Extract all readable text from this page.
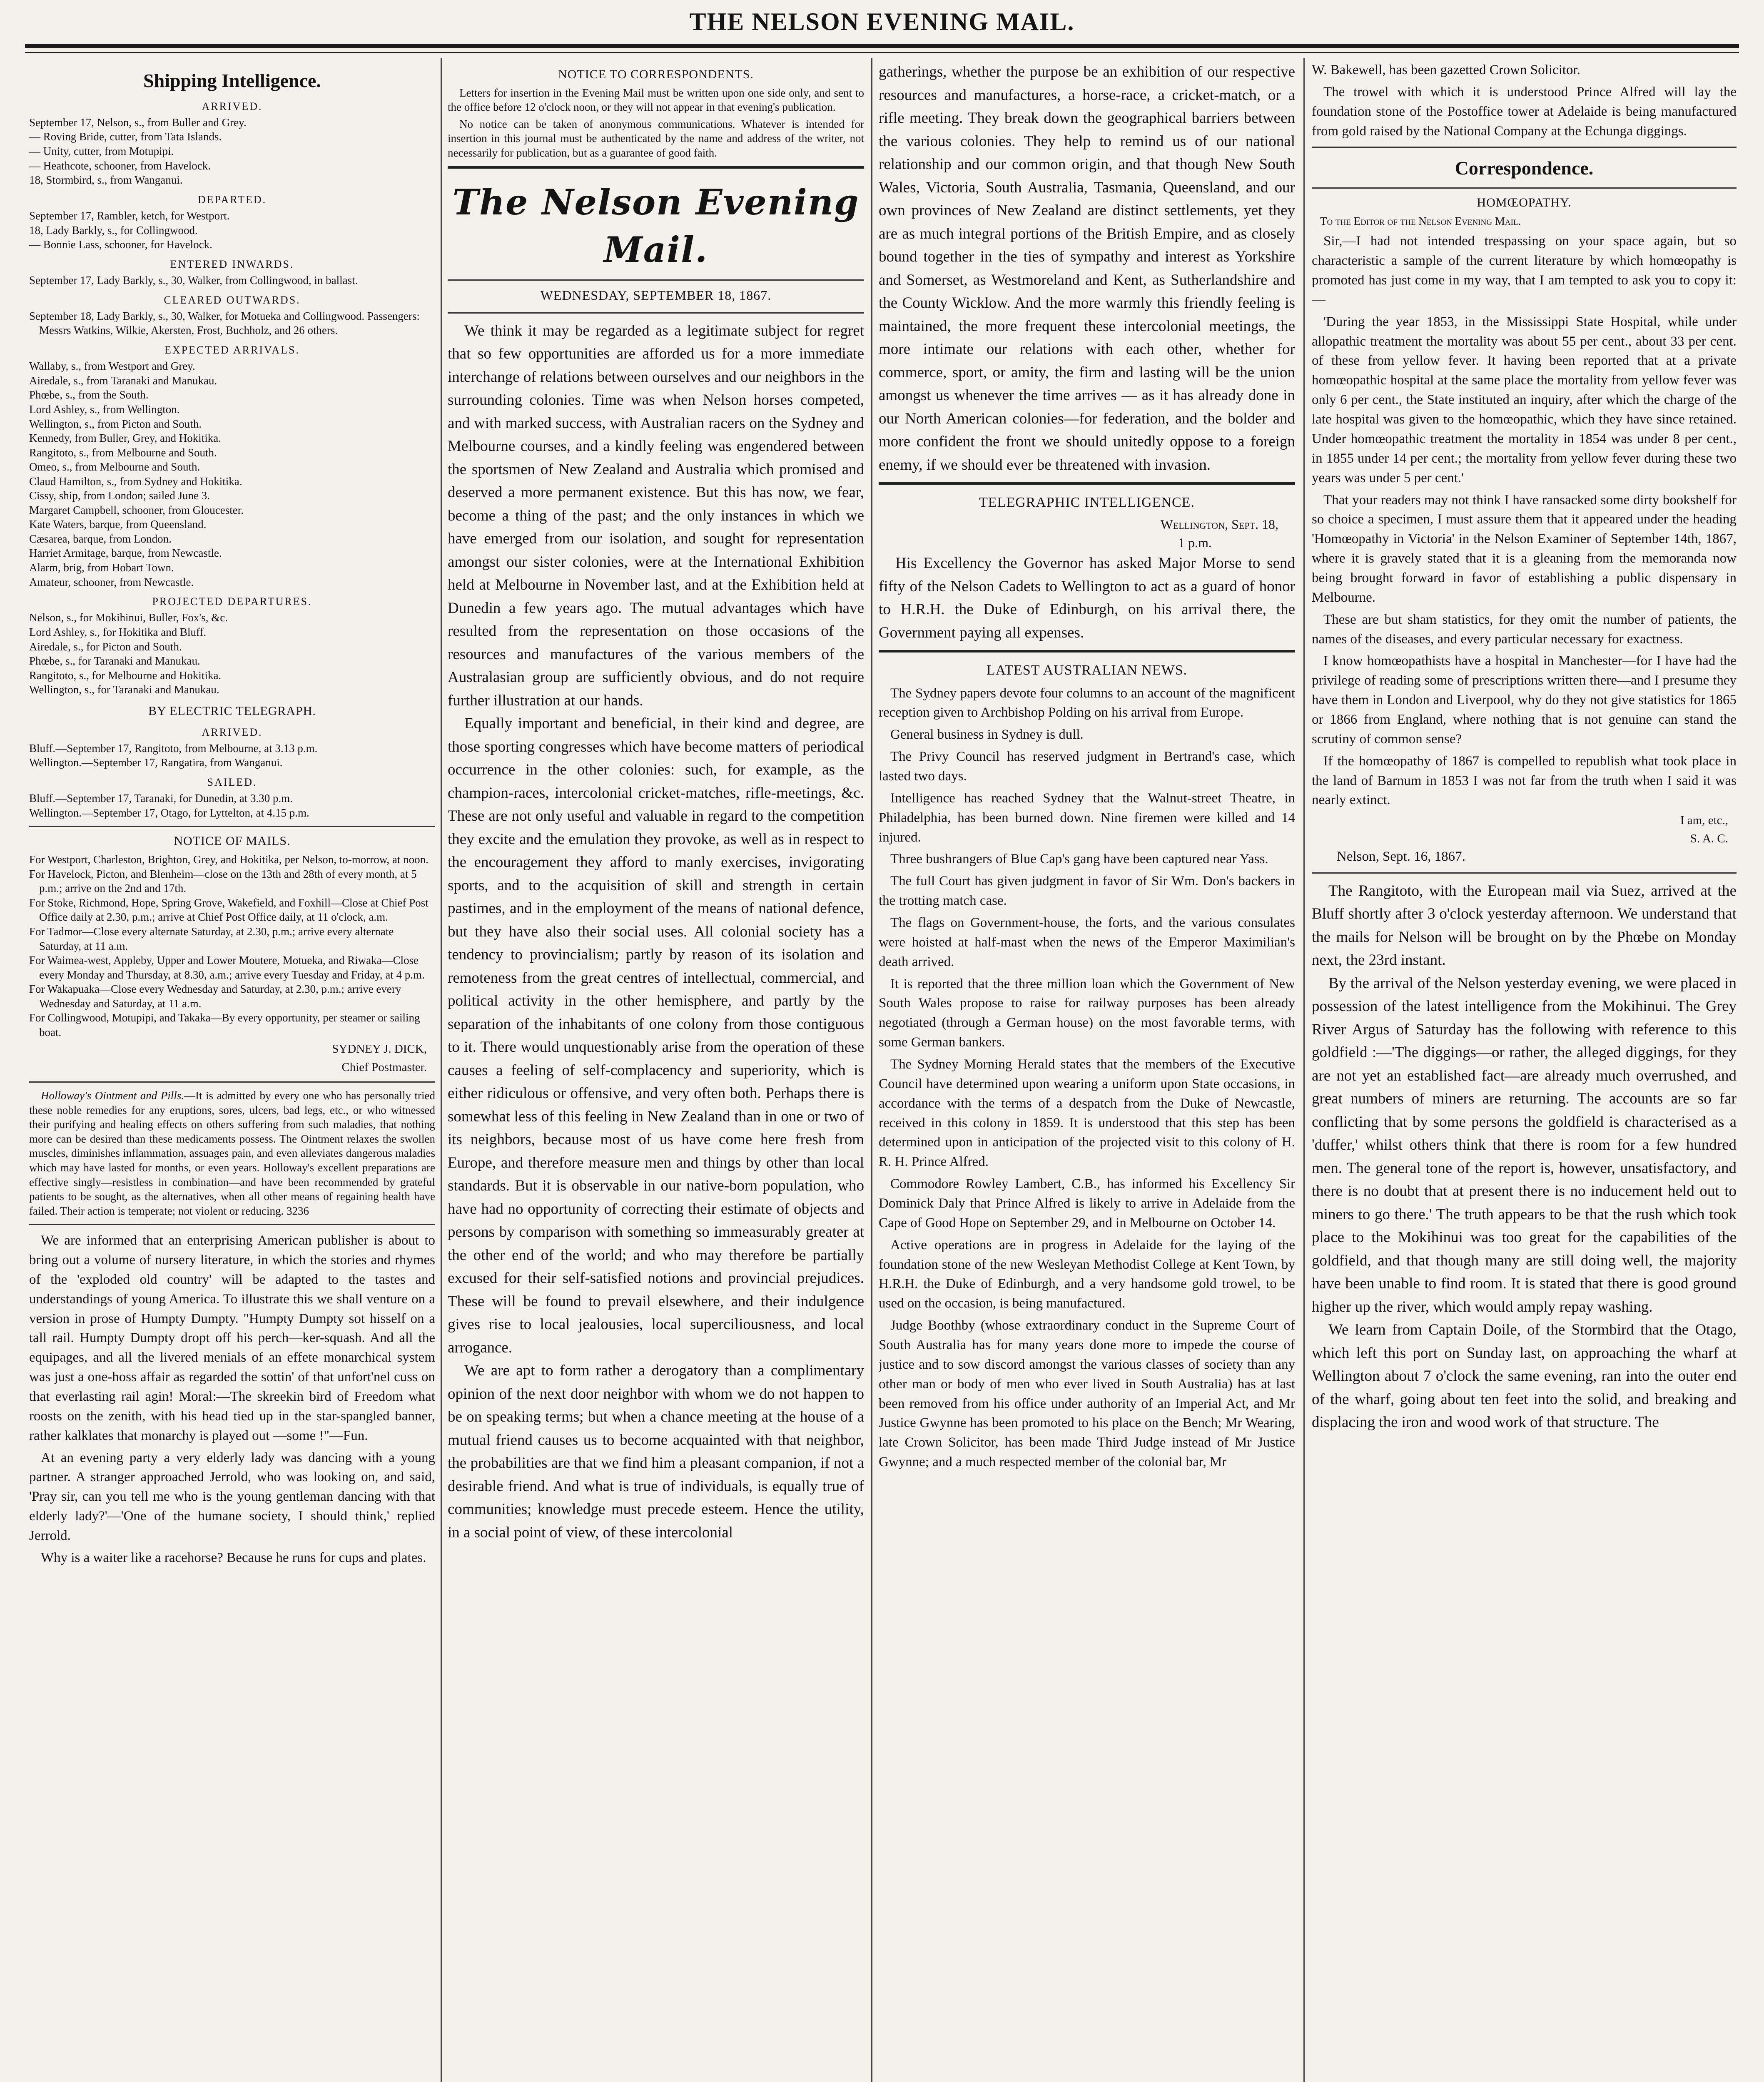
THE NELSON EVENING MAIL.
Shipping Intelligence.
ARRIVED.
September 17, Nelson, s., from Buller and Grey.
— Roving Bride, cutter, from Tata Islands.
— Unity, cutter, from Motupipi.
— Heathcote, schooner, from Havelock.
18, Stormbird, s., from Wanganui.
DEPARTED.
September 17, Rambler, ketch, for Westport.
18, Lady Barkly, s., for Collingwood.
— Bonnie Lass, schooner, for Havelock.
ENTERED INWARDS.
September 17, Lady Barkly, s., 30, Walker, from Collingwood, in ballast.
CLEARED OUTWARDS.
September 18, Lady Barkly, s., 30, Walker, for Motueka and Collingwood. Passengers: Messrs Watkins, Wilkie, Akersten, Frost, Buchholz, and 26 others.
EXPECTED ARRIVALS.
Wallaby, s., from Westport and Grey.
Airedale, s., from Taranaki and Manukau.
Phœbe, s., from the South.
Lord Ashley, s., from Wellington.
Wellington, s., from Picton and South.
Kennedy, from Buller, Grey, and Hokitika.
Rangitoto, s., from Melbourne and South.
Omeo, s., from Melbourne and South.
Claud Hamilton, s., from Sydney and Hokitika.
Cissy, ship, from London; sailed June 3.
Margaret Campbell, schooner, from Gloucester.
Kate Waters, barque, from Queensland.
Cæsarea, barque, from London.
Harriet Armitage, barque, from Newcastle.
Alarm, brig, from Hobart Town.
Amateur, schooner, from Newcastle.
PROJECTED DEPARTURES.
Nelson, s., for Mokihinui, Buller, Fox's, &c.
Lord Ashley, s., for Hokitika and Bluff.
Airedale, s., for Picton and South.
Phœbe, s., for Taranaki and Manukau.
Rangitoto, s., for Melbourne and Hokitika.
Wellington, s., for Taranaki and Manukau.
BY ELECTRIC TELEGRAPH.
ARRIVED.
Bluff.—September 17, Rangitoto, from Melbourne, at 3.13 p.m.
Wellington.—September 17, Rangatira, from Wanganui.
SAILED.
Bluff.—September 17, Taranaki, for Dunedin, at 3.30 p.m.
Wellington.—September 17, Otago, for Lyttelton, at 4.15 p.m.
NOTICE OF MAILS.
For Westport, Charleston, Brighton, Grey, and Hokitika, per Nelson, to-morrow, at noon.
For Havelock, Picton, and Blenheim—close on the 13th and 28th of every month, at 5 p.m.; arrive on the 2nd and 17th.
For Stoke, Richmond, Hope, Spring Grove, Wakefield, and Foxhill—Close at Chief Post Office daily at 2.30, p.m.; arrive at Chief Post Office daily, at 11 o'clock, a.m.
For Tadmor—Close every alternate Saturday, at 2.30, p.m.; arrive every alternate Saturday, at 11 a.m.
For Waimea-west, Appleby, Upper and Lower Moutere, Motueka, and Riwaka—Close every Monday and Thursday, at 8.30, a.m.; arrive every Tuesday and Friday, at 4 p.m.
For Wakapuaka—Close every Wednesday and Saturday, at 2.30, p.m.; arrive every Wednesday and Saturday, at 11 a.m.
For Collingwood, Motupipi, and Takaka—By every opportunity, per steamer or sailing boat.
SYDNEY J. DICK,
Chief Postmaster.

Holloway's Ointment and Pills.—It is admitted by every one who has personally tried these noble remedies for any eruptions, sores, ulcers, bad legs, etc., or who witnessed their purifying and healing effects on others suffering from such maladies, that nothing more can be desired than these medicaments possess. The Ointment relaxes the swollen muscles, diminishes inflammation, assuages pain, and even alleviates dangerous maladies which may have lasted for months, or even years. Holloway's excellent preparations are effective singly—resistless in combination—and have been recommended by grateful patients to be sought, as the alternatives, when all other means of regaining health have failed. Their action is temperate; not violent or reducing. 3236

We are informed that an enterprising American publisher is about to bring out a volume of nursery literature, in which the stories and rhymes of the 'exploded old country' will be adapted to the tastes and understandings of young America. To illustrate this we shall venture on a version in prose of Humpty Dumpty. "Humpty Dumpty sot hisself on a tall rail. Humpty Dumpty dropt off his perch—ker-squash. And all the equipages, and all the livered menials of an effete monarchical system was just a one-hoss affair as regarded the sottin' of that unfort'nel cuss on that everlasting rail agin! Moral:—The skreekin bird of Freedom what roosts on the zenith, with his head tied up in the star-spangled banner, rather kalklates that monarchy is played out —some !"—Fun.

At an evening party a very elderly lady was dancing with a young partner. A stranger approached Jerrold, who was looking on, and said, 'Pray sir, can you tell me who is the young gentleman dancing with that elderly lady?'—'One of the humane society, I should think,' replied Jerrold.

Why is a waiter like a racehorse? Because he runs for cups and plates.

NOTICE TO CORRESPONDENTS.

Letters for insertion in the Evening Mail must be written upon one side only, and sent to the office before 12 o'clock noon, or they will not appear in that evening's publication.

No notice can be taken of anonymous communications. Whatever is intended for insertion in this journal must be authenticated by the name and address of the writer, not necessarily for publication, but as a guarantee of good faith.

The Nelson Evening Mail.
WEDNESDAY, SEPTEMBER 18, 1867.

We think it may be regarded as a legitimate subject for regret that so few opportunities are afforded us for a more immediate interchange of relations between ourselves and our neighbors in the surrounding colonies. Time was when Nelson horses competed, and with marked success, with Australian racers on the Sydney and Melbourne courses, and a kindly feeling was engendered between the sportsmen of New Zealand and Australia which promised and deserved a more permanent existence. But this has now, we fear, become a thing of the past; and the only instances in which we have emerged from our isolation, and sought for representation amongst our sister colonies, were at the International Exhibition held at Melbourne in November last, and at the Exhibition held at Dunedin a few years ago. The mutual advantages which have resulted from the representation on those occasions of the resources and manufactures of the various members of the Australasian group are sufficiently obvious, and do not require further illustration at our hands.

Equally important and beneficial, in their kind and degree, are those sporting congresses which have become matters of periodical occurrence in the other colonies: such, for example, as the champion-races, intercolonial cricket-matches, rifle-meetings, &c. These are not only useful and valuable in regard to the competition they excite and the emulation they provoke, as well as in respect to the encouragement they afford to manly exercises, invigorating sports, and to the acquisition of skill and strength in certain pastimes, and in the employment of the means of national defence, but they have also their social uses. All colonial society has a tendency to provincialism; partly by reason of its isolation and remoteness from the great centres of intellectual, commercial, and political activity in the other hemisphere, and partly by the separation of the inhabitants of one colony from those contiguous to it. There would unquestionably arise from the operation of these causes a feeling of self-complacency and superiority, which is either ridiculous or offensive, and very often both. Perhaps there is somewhat less of this feeling in New Zealand than in one or two of its neighbors, because most of us have come here fresh from Europe, and therefore measure men and things by other than local standards. But it is observable in our native-born population, who have had no opportunity of correcting their estimate of objects and persons by comparison with something so immeasurably greater at the other end of the world; and who may therefore be partially excused for their self-satisfied notions and provincial prejudices. These will be found to prevail elsewhere, and their indulgence gives rise to local jealousies, local superciliousness, and local arrogance.

We are apt to form rather a derogatory than a complimentary opinion of the next door neighbor with whom we do not happen to be on speaking terms; but when a chance meeting at the house of a mutual friend causes us to become acquainted with that neighbor, the probabilities are that we find him a pleasant companion, if not a desirable friend. And what is true of individuals, is equally true of communities; knowledge must precede esteem. Hence the utility, in a social point of view, of these intercolonial

gatherings, whether the purpose be an exhibition of our respective resources and manufactures, a horse-race, a cricket-match, or a rifle meeting. They break down the geographical barriers between the various colonies. They help to remind us of our national relationship and our common origin, and that though New South Wales, Victoria, South Australia, Tasmania, Queensland, and our own provinces of New Zealand are distinct settlements, yet they are as much integral portions of the British Empire, and as closely bound together in the ties of sympathy and interest as Yorkshire and Somerset, as Westmoreland and Kent, as Sutherlandshire and the County Wicklow. And the more warmly this friendly feeling is maintained, the more frequent these intercolonial meetings, the more intimate our relations with each other, whether for commerce, sport, or amity, the firm and lasting will be the union amongst us whenever the time arrives — as it has already done in our North American colonies—for federation, and the bolder and more confident the front we should unitedly oppose to a foreign enemy, if we should ever be threatened with invasion.

TELEGRAPHIC INTELLIGENCE.
Wellington, Sept. 18,
1 p.m.

His Excellency the Governor has asked Major Morse to send fifty of the Nelson Cadets to Wellington to act as a guard of honor to H.R.H. the Duke of Edinburgh, on his arrival there, the Government paying all expenses.

LATEST AUSTRALIAN NEWS.

The Sydney papers devote four columns to an account of the magnificent reception given to Archbishop Polding on his arrival from Europe.

General business in Sydney is dull.

The Privy Council has reserved judgment in Bertrand's case, which lasted two days.

Intelligence has reached Sydney that the Walnut-street Theatre, in Philadelphia, has been burned down. Nine firemen were killed and 14 injured.

Three bushrangers of Blue Cap's gang have been captured near Yass.

The full Court has given judgment in favor of Sir Wm. Don's backers in the trotting match case.

The flags on Government-house, the forts, and the various consulates were hoisted at half-mast when the news of the Emperor Maximilian's death arrived.

It is reported that the three million loan which the Government of New South Wales propose to raise for railway purposes has been already negotiated (through a German house) on the most favorable terms, with some German bankers.

The Sydney Morning Herald states that the members of the Executive Council have determined upon wearing a uniform upon State occasions, in accordance with the terms of a despatch from the Duke of Newcastle, received in this colony in 1859. It is understood that this step has been determined upon in anticipation of the projected visit to this colony of H. R. H. Prince Alfred.

Commodore Rowley Lambert, C.B., has informed his Excellency Sir Dominick Daly that Prince Alfred is likely to arrive in Adelaide from the Cape of Good Hope on September 29, and in Melbourne on October 14.

Active operations are in progress in Adelaide for the laying of the foundation stone of the new Wesleyan Methodist College at Kent Town, by H.R.H. the Duke of Edinburgh, and a very handsome gold trowel, to be used on the occasion, is being manufactured.

Judge Boothby (whose extraordinary conduct in the Supreme Court of South Australia has for many years done more to impede the course of justice and to sow discord amongst the various classes of society than any other man or body of men who ever lived in South Australia) has at last been removed from his office under authority of an Imperial Act, and Mr Justice Gwynne has been promoted to his place on the Bench; Mr Wearing, late Crown Solicitor, has been made Third Judge instead of Mr Justice Gwynne; and a much respected member of the colonial bar, Mr

W. Bakewell, has been gazetted Crown Solicitor.

The trowel with which it is understood Prince Alfred will lay the foundation stone of the Postoffice tower at Adelaide is being manufactured from gold raised by the National Company at the Echunga diggings.

Correspondence.
HOMŒOPATHY.
To the Editor of the Nelson Evening Mail.

Sir,—I had not intended trespassing on your space again, but so characteristic a sample of the current literature by which homœopathy is promoted has just come in my way, that I am tempted to ask you to copy it:—

'During the year 1853, in the Mississippi State Hospital, while under allopathic treatment the mortality was about 55 per cent., about 33 per cent. of these from yellow fever. It having been reported that at a private homœopathic hospital at the same place the mortality from yellow fever was only 6 per cent., the State instituted an inquiry, after which the charge of the late hospital was given to the homœopathic, which they have since retained. Under homœopathic treatment the mortality in 1854 was under 8 per cent., in 1855 under 14 per cent.; the mortality from yellow fever during these two years was under 5 per cent.'

That your readers may not think I have ransacked some dirty bookshelf for so choice a specimen, I must assure them that it appeared under the heading 'Homœopathy in Victoria' in the Nelson Examiner of September 14th, 1867, where it is gravely stated that it is a gleaning from the memoranda now being brought forward in favor of establishing a public dispensary in Melbourne.

These are but sham statistics, for they omit the number of patients, the names of the diseases, and every particular necessary for exactness.

I know homœopathists have a hospital in Manchester—for I have had the privilege of reading some of prescriptions written there—and I presume they have them in London and Liverpool, why do they not give statistics for 1865 or 1866 from England, where nothing that is not genuine can stand the scrutiny of common sense?

If the homœopathy of 1867 is compelled to republish what took place in the land of Barnum in 1853 I was not far from the truth when I said it was nearly extinct.

I am, etc.,
S. A. C.
Nelson, Sept. 16, 1867.

The Rangitoto, with the European mail via Suez, arrived at the Bluff shortly after 3 o'clock yesterday afternoon. We understand that the mails for Nelson will be brought on by the Phœbe on Monday next, the 23rd instant.

By the arrival of the Nelson yesterday evening, we were placed in possession of the latest intelligence from the Mokihinui. The Grey River Argus of Saturday has the following with reference to this goldfield :—'The diggings—or rather, the alleged diggings, for they are not yet an established fact—are already much overrushed, and great numbers of miners are returning. The accounts are so far conflicting that by some persons the goldfield is characterised as a 'duffer,' whilst others think that there is room for a few hundred men. The general tone of the report is, however, unsatisfactory, and there is no doubt that at present there is no inducement held out to miners to go there.' The truth appears to be that the rush which took place to the Mokihinui was too great for the capabilities of the goldfield, and that though many are still doing well, the majority have been unable to find room. It is stated that there is good ground higher up the river, which would amply repay washing.

We learn from Captain Doile, of the Stormbird that the Otago, which left this port on Sunday last, on approaching the wharf at Wellington about 7 o'clock the same evening, ran into the outer end of the wharf, going about ten feet into the solid, and breaking and displacing the iron and wood work of that structure. The
